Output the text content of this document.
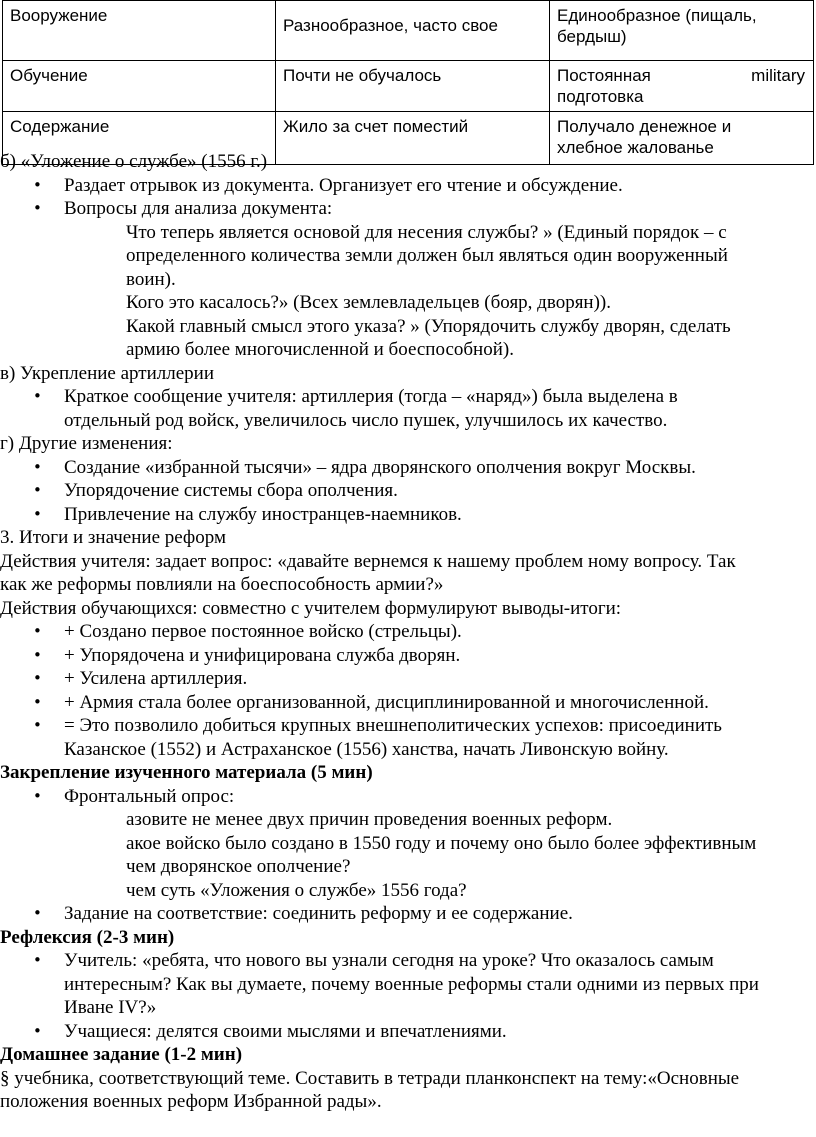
Вооружение	Разнообразное, часто свое	Единообразное (пищаль,
бердыш)

Обучение	Почти не обучалось	Постоянная military
подготовка

Содержание	Жило за счет поместий	Получало денежное и
хлебное жалованье
б) «Уложение о службе» (1556 г.)
• Раздает отрывок из документа. Организует его чтение и обсуждение.
• Вопросы для анализа документа:
Что теперь является основой для несения службы? » (Единый порядок – с
определенного количества земли должен был являться один вооруженный
воин).
Кого это касалось?» (Всех землевладельцев (бояр, дворян)).
Какой главный смысл этого указа? » (Упорядочить службу дворян, сделать
армию более многочисленной и боеспособной).
в) Укрепление артиллерии
• Краткое сообщение учителя: артиллерия (тогда – «наряд») была выделена в
отдельный род войск, увеличилось число пушек, улучшилось их качество.
г) Другие изменения:
• Создание «избранной тысячи» – ядра дворянского ополчения вокруг Москвы.
• Упорядочение системы сбора ополчения.
• Привлечение на службу иностранцев-наемников.
3. Итоги и значение реформ
Действия учителя: задает вопрос: «давайте вернемся к нашему проблем ному вопросу. Так
как же реформы повлияли на боеспособность армии?»
Действия обучающихся: совместно с учителем формулируют выводы-итоги:
• + Создано первое постоянное войско (стрельцы).
• + Упорядочена и унифицирована служба дворян.
• + Усилена артиллерия.
• + Армия стала более организованной, дисциплинированной и многочисленной.
• = Это позволило добиться крупных внешнеполитических успехов: присоединить
Казанское (1552) и Астраханское (1556) ханства, начать Ливонскую войну.
Закрепление изученного материала (5 мин)
• Фронтальный опрос:
азовите не менее двух причин проведения военных реформ.
акое войско было создано в 1550 году и почему оно было более эффективным
чем дворянское ополчение?
чем суть «Уложения о службе» 1556 года?
• Задание на соответствие: соединить реформу и ее содержание.
Рефлексия (2-3 мин)
• Учитель: «ребята, что нового вы узнали сегодня на уроке? Что оказалось самым
интересным? Как вы думаете, почему военные реформы стали одними из первых при
Иване IV?»
• Учащиеся: делятся своими мыслями и впечатлениями.
Домашнее задание (1-2 мин)
§ учебника, соответствующий теме. Составить в тетради планконспект на тему:«Основные
положения военных реформ Избранной рады».
